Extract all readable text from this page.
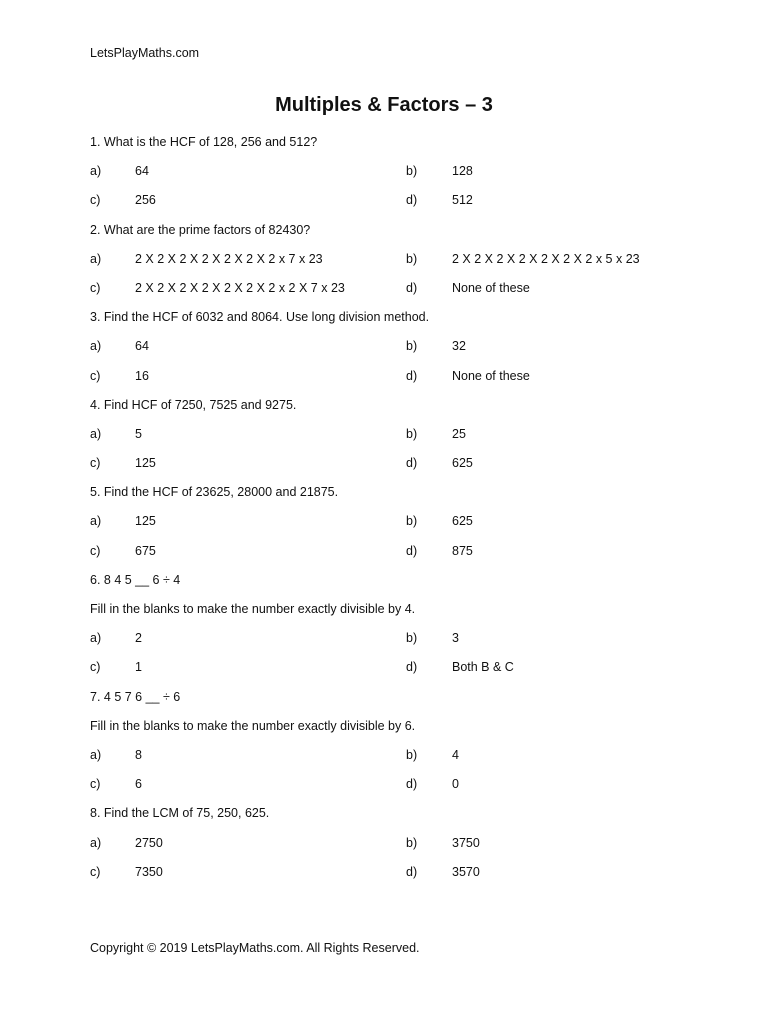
LetsPlayMaths.com
Multiples & Factors – 3
1. What is the HCF of 128, 256 and 512?
a)	64	b)	128
c)	256	d)	512
2. What are the prime factors of 82430?
a)	2 X 2 X 2 X 2 X 2 X 2 X 2 x 7 x 23	b)	2 X 2 X 2 X 2 X 2 X 2 X 2 x 5 x 23
c)	2 X 2 X 2 X 2 X 2 X 2 X 2 x 2 X 7 x 23	d)	None of these
3. Find the HCF of 6032 and 8064. Use long division method.
a)	64	b)	32
c)	16	d)	None of these
4. Find HCF of 7250, 7525 and 9275.
a)	5	b)	25
c)	125	d)	625
5. Find the HCF of 23625, 28000 and 21875.
a)	125	b)	625
c)	675	d)	875
6. 8 4 5 __ 6 ÷ 4
Fill in the blanks to make the number exactly divisible by 4.
a)	2	b)	3
c)	1	d)	Both B & C
7. 4 5 7 6 __ ÷ 6
Fill in the blanks to make the number exactly divisible by 6.
a)	8	b)	4
c)	6	d)	0
8. Find the LCM of 75, 250, 625.
a)	2750	b)	3750
c)	7350	d)	3570
Copyright © 2019 LetsPlayMaths.com. All Rights Reserved.
